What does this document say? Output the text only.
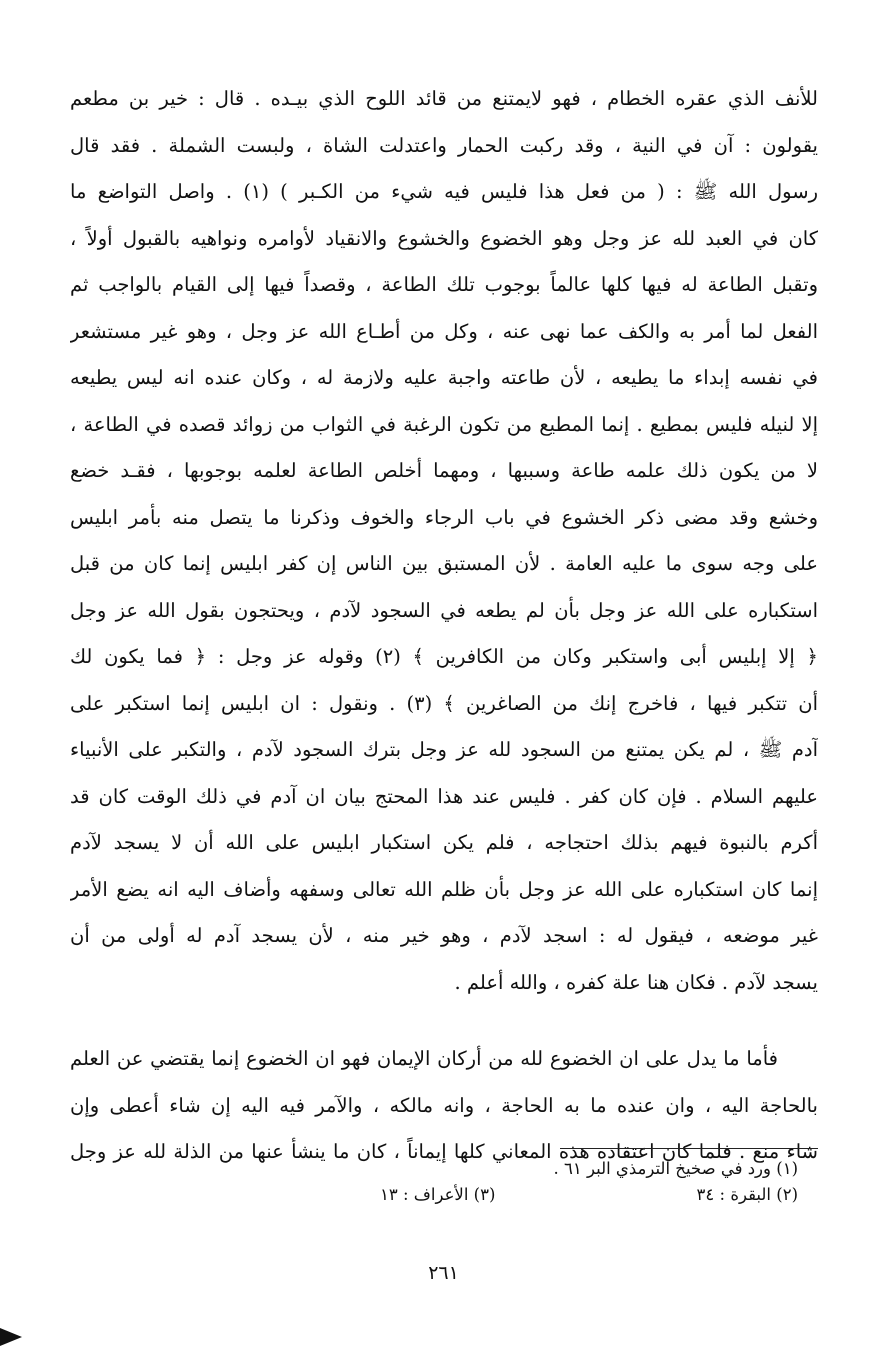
للأنف الذي عقره الخطام ، فهو لايمتنع من قائد اللوح الذي بيـده . قال : خير بن مطعم
يقولون : آن في النية ، وقد ركبت الحمار واعتدلت الشاة ، ولبست الشملة . فقد قال
رسول الله ﷺ : ( من فعل هذا فليس فيه شيء من الكـبر ) (١) . واصل التواضع ما
كان في العبد لله عز وجل وهو الخضوع والخشوع والانقياد لأوامره ونواهيه بالقبول أولاً ،
وتقبل الطاعة له فيها كلها عالماً بوجوب تلك الطاعة ، وقصداً فيها إلى القيام بالواجب ثم
الفعل لما أمر به والكف عما نهى عنه ، وكل من أطـاع الله عز وجل ، وهو غير مستشعر
في نفسه إبداء ما يطيعه ، لأن طاعته واجبة عليه ولازمة له ، وكان عنده انه ليس يطيعه
إلا لنيله فليس بمطيع . إنما المطيع من تكون الرغبة في الثواب من زوائد قصده في الطاعة ،
لا من يكون ذلك علمه طاعة وسببها ، ومهما أخلص الطاعة لعلمه بوجوبها ، فقـد خضع
وخشع وقد مضى ذكر الخشوع في باب الرجاء والخوف وذكرنا ما يتصل منه بأمر ابليس
على وجه سوى ما عليه العامة . لأن المستبق بين الناس إن كفر ابليس إنما كان من قبل
استكباره على الله عز وجل بأن لم يطعه في السجود لآدم ، ويحتجون بقول الله عز وجل
﴿ إلا إبليس أبى واستكبر وكان من الكافرين ﴾ (٢) وقوله عز وجل : ﴿ فما يكون لك
أن تتكبر فيها ، فاخرج إنك من الصاغرين ﴾ (٣) . ونقول : ان ابليس إنما استكبر على
آدم ﷺ ، لم يكن يمتنع من السجود لله عز وجل بترك السجود لآدم ، والتكبر على الأنبياء
عليهم السلام . فإن كان كفر . فليس عند هذا المحتج بيان ان آدم في ذلك الوقت كان قد
أكرم بالنبوة فيهم بذلك احتجاجه ، فلم يكن استكبار ابليس على الله أن لا يسجد لآدم
إنما كان استكباره على الله عز وجل بأن ظلم الله تعالى وسفهه وأضاف اليه انه يضع الأمر
غير موضعه ، فيقول له : اسجد لآدم ، وهو خير منه ، لأن يسجد آدم له أولى من أن
يسجد لآدم . فكان هنا علة كفره ، والله أعلم .
فأما ما يدل على ان الخضوع لله من أركان الإيمان فهو ان الخضوع إنما يقتضي عن العلم
بالحاجة اليه ، وان عنده ما به الحاجة ، وانه مالكه ، والآمر فيه اليه إن شاء أعطى وإن
شاء منع . فلما كان اعتقاده هذه المعاني كلها إيماناً ، كان ما ينشأ عنها من الذلة لله عز وجل
(١) ورد في صخيخ الترمذي البر ٦١ .
(٢) البقرة : ٣٤
(٣) الأعراف : ١٣
٢٦١
